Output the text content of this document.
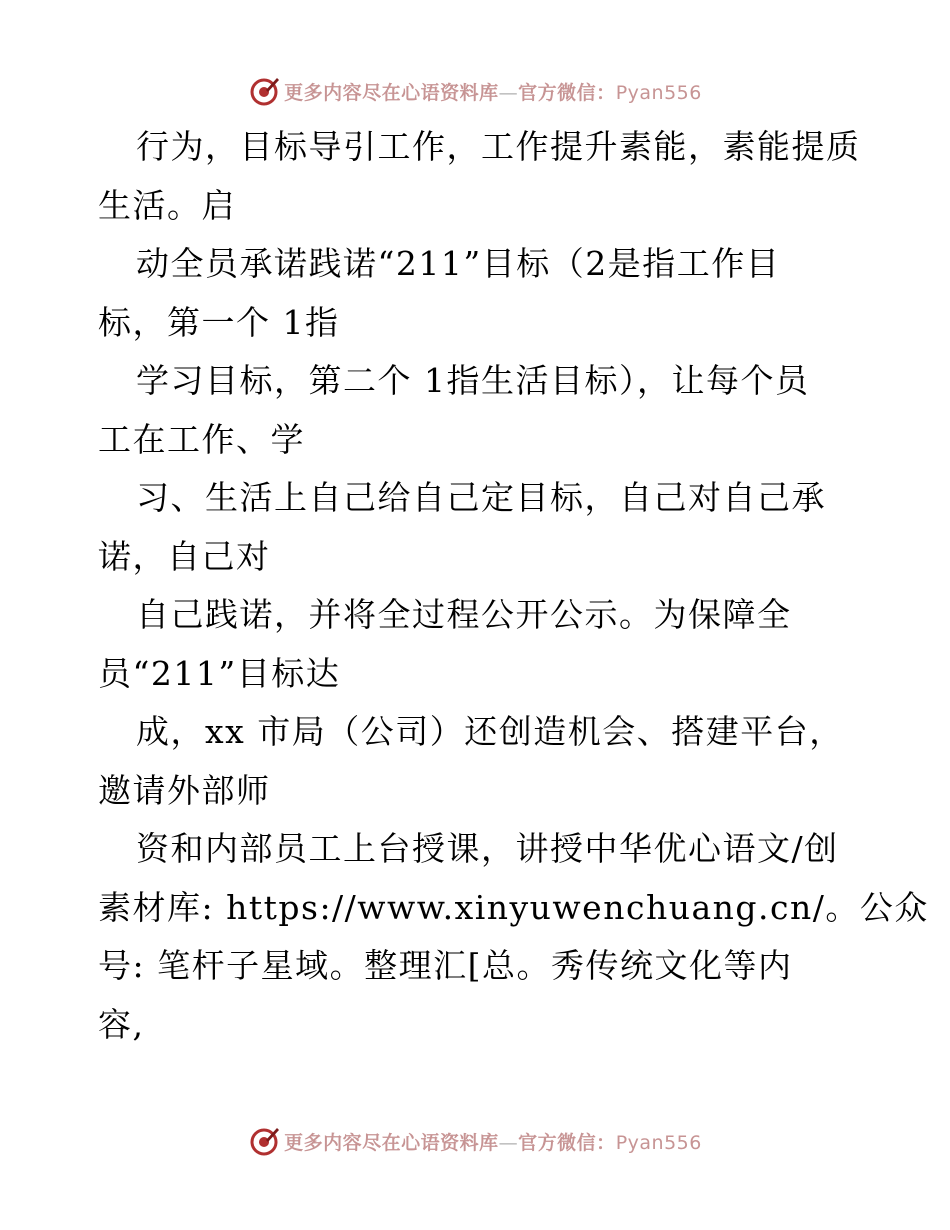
更多内容尽在心语资料库—官方微信：Pyan556
行为，目标导引工作，工作提升素能，素能提质
生活。启
动全员承诺践诺“211”目标（2是指工作目
标，第一个 1指
学习目标，第二个 1指生活目标），让每个员
工在工作、学
习、生活上自己给自己定目标，自己对自己承
诺，自己对
自己践诺，并将全过程公开公示。为保障全
员“211”目标达
成，xx 市局（公司）还创造机会、搭建平台，
邀请外部师
资和内部员工上台授课，讲授中华优心语文/创
素材库: https://www.xinyuwenchuang.cn/。公众
号: 笔杆子星域。整理汇[总。秀传统文化等内
容,
更多内容尽在心语资料库—官方微信：Pyan556
